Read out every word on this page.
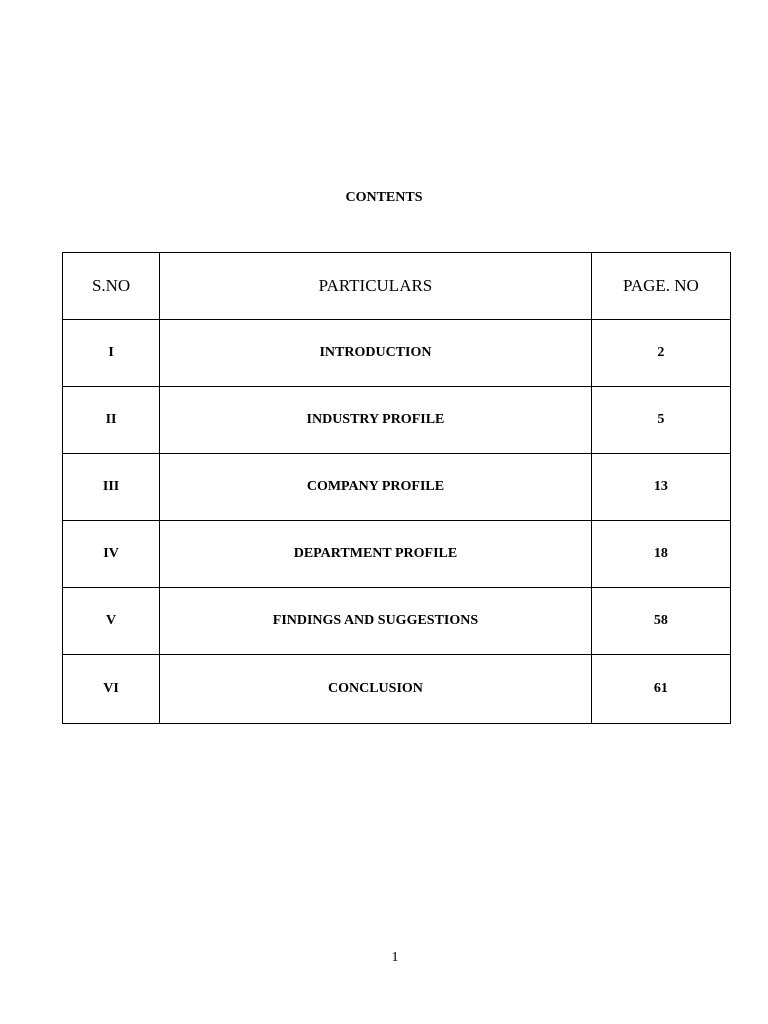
CONTENTS
S.NO	PARTICULARS	PAGE. NO
I	INTRODUCTION	2
II	INDUSTRY PROFILE	5
III	COMPANY PROFILE	13
IV	DEPARTMENT PROFILE	18
V	FINDINGS AND SUGGESTIONS	58
VI	CONCLUSION	61
1
